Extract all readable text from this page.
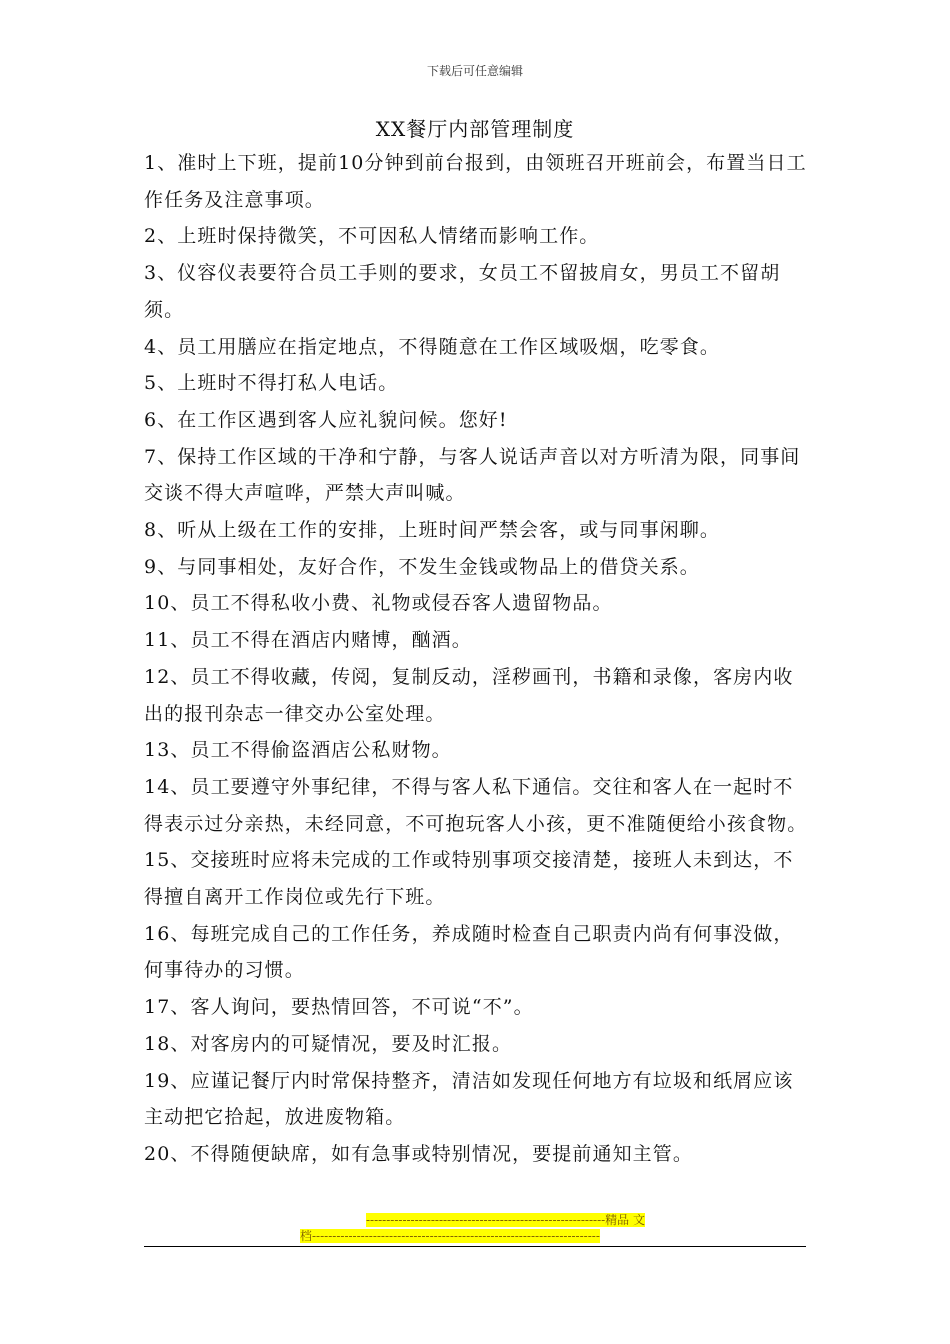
下载后可任意编辑
XX餐厅内部管理制度

1、准时上下班，提前10分钟到前台报到，由领班召开班前会，布置当日工作任务及注意事项。

2、上班时保持微笑，不可因私人情绪而影响工作。

3、仪容仪表要符合员工手则的要求，女员工不留披肩女，男员工不留胡须。

4、员工用膳应在指定地点，不得随意在工作区域吸烟，吃零食。

5、上班时不得打私人电话。

6、在工作区遇到客人应礼貌问候。您好!

7、保持工作区域的干净和宁静，与客人说话声音以对方听清为限，同事间交谈不得大声喧哗，严禁大声叫喊。

8、听从上级在工作的安排，上班时间严禁会客，或与同事闲聊。

9、与同事相处，友好合作，不发生金钱或物品上的借贷关系。

10、员工不得私收小费、礼物或侵吞客人遗留物品。

11、员工不得在酒店内赌博，酗酒。

12、员工不得收藏，传阅，复制反动，淫秽画刊，书籍和录像，客房内收出的报刊杂志一律交办公室处理。

13、员工不得偷盗酒店公私财物。

14、员工要遵守外事纪律，不得与客人私下通信。交往和客人在一起时不得表示过分亲热，未经同意，不可抱玩客人小孩，更不准随便给小孩食物。

15、交接班时应将未完成的工作或特别事项交接清楚，接班人未到达，不得擅自离开工作岗位或先行下班。

16、每班完成自己的工作任务，养成随时检查自己职责内尚有何事没做，何事待办的习惯。

17、客人询问，要热情回答，不可说“不”。

18、对客房内的可疑情况，要及时汇报。

19、应谨记餐厅内时常保持整齐，清洁如发现任何地方有垃圾和纸屑应该主动把它拾起，放进废物箱。

20、不得随便缺席，如有急事或特别情况，要提前通知主管。

-----------------------------------------------------------精品 文
档-----------------------------------------------------------------------
